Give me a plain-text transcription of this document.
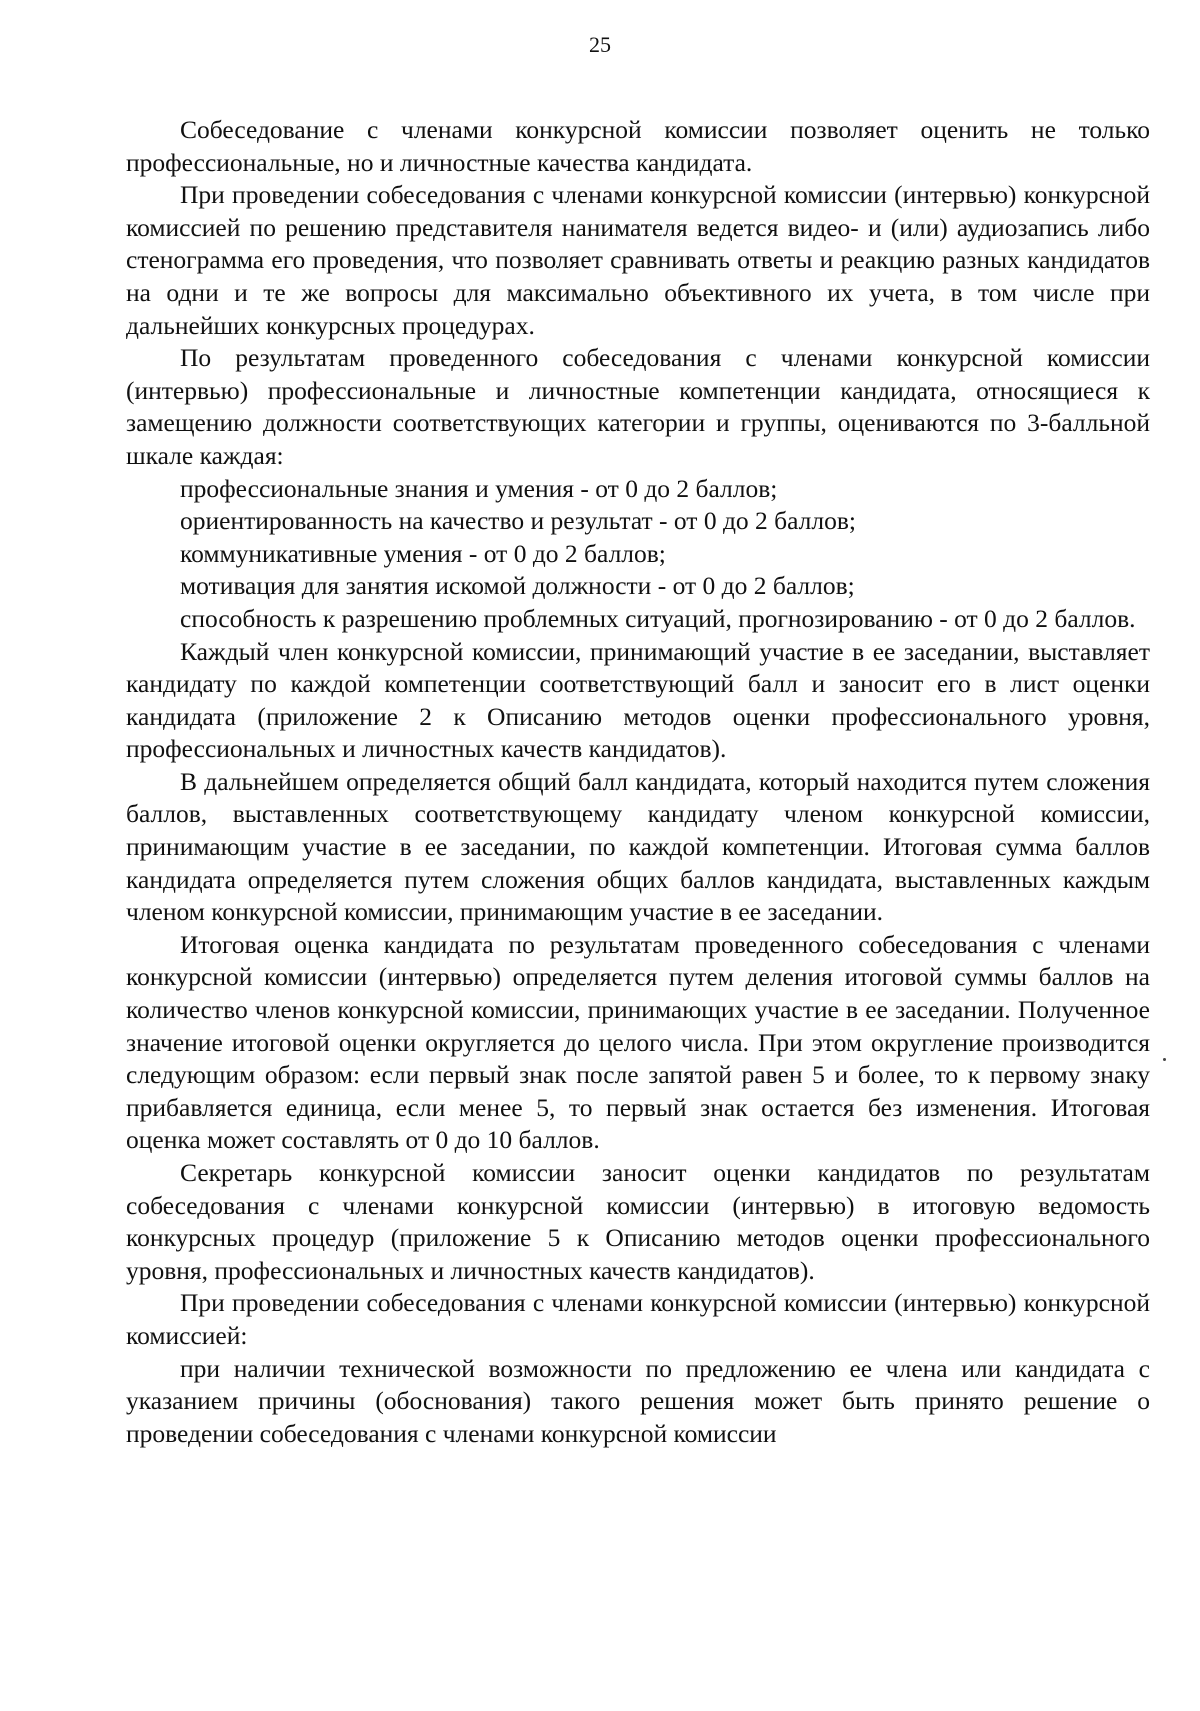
25

Собеседование с членами конкурсной комиссии позволяет оценить не только профессиональные, но и личностные качества кандидата.

При проведении собеседования с членами конкурсной комиссии (интервью) конкурсной комиссией по решению представителя нанимателя ведется видео- и (или) аудиозапись либо стенограмма его проведения, что позволяет сравнивать ответы и реакцию разных кандидатов на одни и те же вопросы для максимально объективного их учета, в том числе при дальнейших конкурсных процедурах.

По результатам проведенного собеседования с членами конкурсной комиссии (интервью) профессиональные и личностные компетенции кандидата, относящиеся к замещению должности соответствующих категории и группы, оцениваются по 3-балльной шкале каждая:

профессиональные знания и умения - от 0 до 2 баллов;

ориентированность на качество и результат - от 0 до 2 баллов;

коммуникативные умения - от 0 до 2 баллов;

мотивация для занятия искомой должности - от 0 до 2 баллов;

способность к разрешению проблемных ситуаций, прогнозированию - от 0 до 2 баллов.

Каждый член конкурсной комиссии, принимающий участие в ее заседании, выставляет кандидату по каждой компетенции соответствующий балл и заносит его в лист оценки кандидата (приложение 2 к Описанию методов оценки профессионального уровня, профессиональных и личностных качеств кандидатов).

В дальнейшем определяется общий балл кандидата, который находится путем сложения баллов, выставленных соответствующему кандидату членом конкурсной комиссии, принимающим участие в ее заседании, по каждой компетенции. Итоговая сумма баллов кандидата определяется путем сложения общих баллов кандидата, выставленных каждым членом конкурсной комиссии, принимающим участие в ее заседании.

Итоговая оценка кандидата по результатам проведенного собеседования с членами конкурсной комиссии (интервью) определяется путем деления итоговой суммы баллов на количество членов конкурсной комиссии, принимающих участие в ее заседании. Полученное значение итоговой оценки округляется до целого числа. При этом округление производится следующим образом: если первый знак после запятой равен 5 и более, то к первому знаку прибавляется единица, если менее 5, то первый знак остается без изменения. Итоговая оценка может составлять от 0 до 10 баллов.

Секретарь конкурсной комиссии заносит оценки кандидатов по результатам собеседования с членами конкурсной комиссии (интервью) в итоговую ведомость конкурсных процедур (приложение 5 к Описанию методов оценки профессионального уровня, профессиональных и личностных качеств кандидатов).

При проведении собеседования с членами конкурсной комиссии (интервью) конкурсной комиссией:

при наличии технической возможности по предложению ее члена или кандидата с указанием причины (обоснования) такого решения может быть принято решение о проведении собеседования с членами конкурсной комиссии
